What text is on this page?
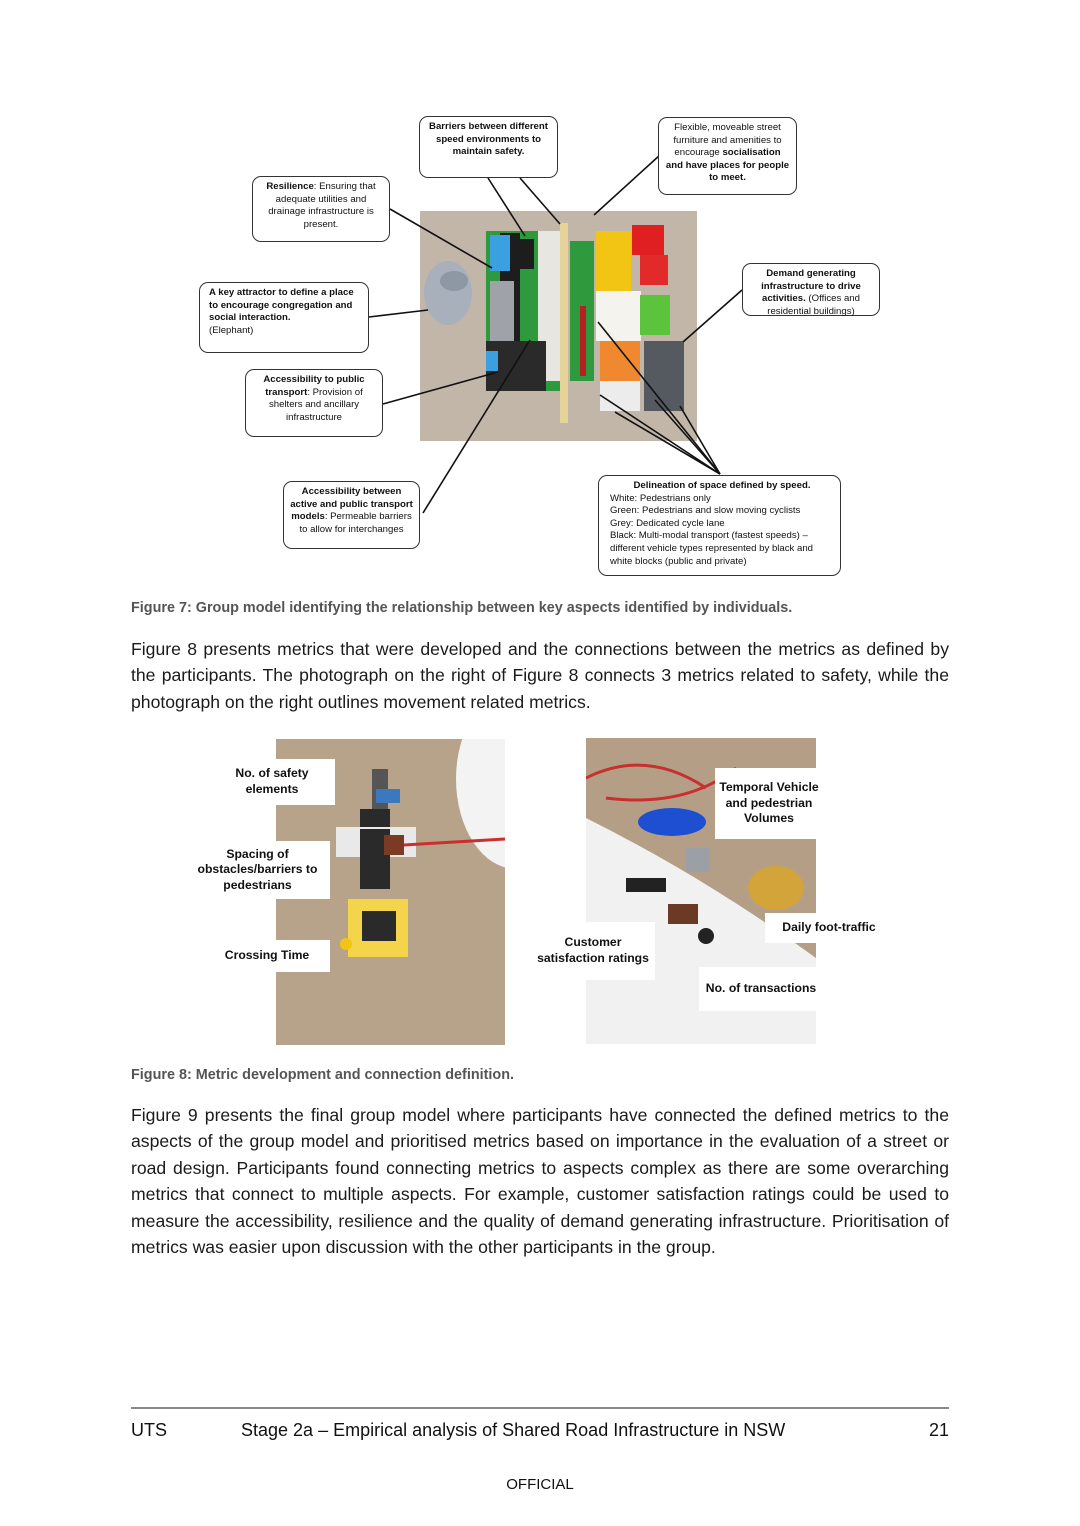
Barriers between different speed environments to maintain safety.
Flexible, moveable street furniture and amenities to encourage socialisation and have places for people to meet.
Resilience: Ensuring that adequate utilities and drainage infrastructure is present.
Demand generating infrastructure to drive activities. (Offices and residential buildings)
A key attractor to define a place to encourage congregation and social interaction.
(Elephant)
Accessibility to public transport: Provision of shelters and ancillary infrastructure
Accessibility between active and public transport models: Permeable barriers to allow for interchanges
Delineation of space defined by speed.
White: Pedestrians only
Green: Pedestrians and slow moving cyclists
Grey: Dedicated cycle lane
Black: Multi-modal transport (fastest speeds) – different vehicle types represented by black and white blocks (public and private)
Figure 7: Group model identifying the relationship between key aspects identified by individuals.
Figure 8 presents metrics that were developed and the connections between the metrics as defined by the participants. The photograph on the right of Figure 8 connects 3 metrics related to safety, while the photograph on the right outlines movement related metrics.
No. of safety elements
Spacing of obstacles/barriers to pedestrians
Crossing Time
Temporal Vehicle and pedestrian Volumes
Daily foot-traffic
Customer satisfaction ratings
No. of transactions
Figure 8: Metric development and connection definition.
Figure 9 presents the final group model where participants have connected the defined metrics to the aspects of the group model and prioritised metrics based on importance in the evaluation of a street or road design. Participants found connecting metrics to aspects complex as there are some overarching metrics that connect to multiple aspects. For example, customer satisfaction ratings could be used to measure the accessibility, resilience and the quality of demand generating infrastructure. Prioritisation of metrics was easier upon discussion with the other participants in the group.
UTS	Stage 2a – Empirical analysis of Shared Road Infrastructure in NSW	21
OFFICIAL
